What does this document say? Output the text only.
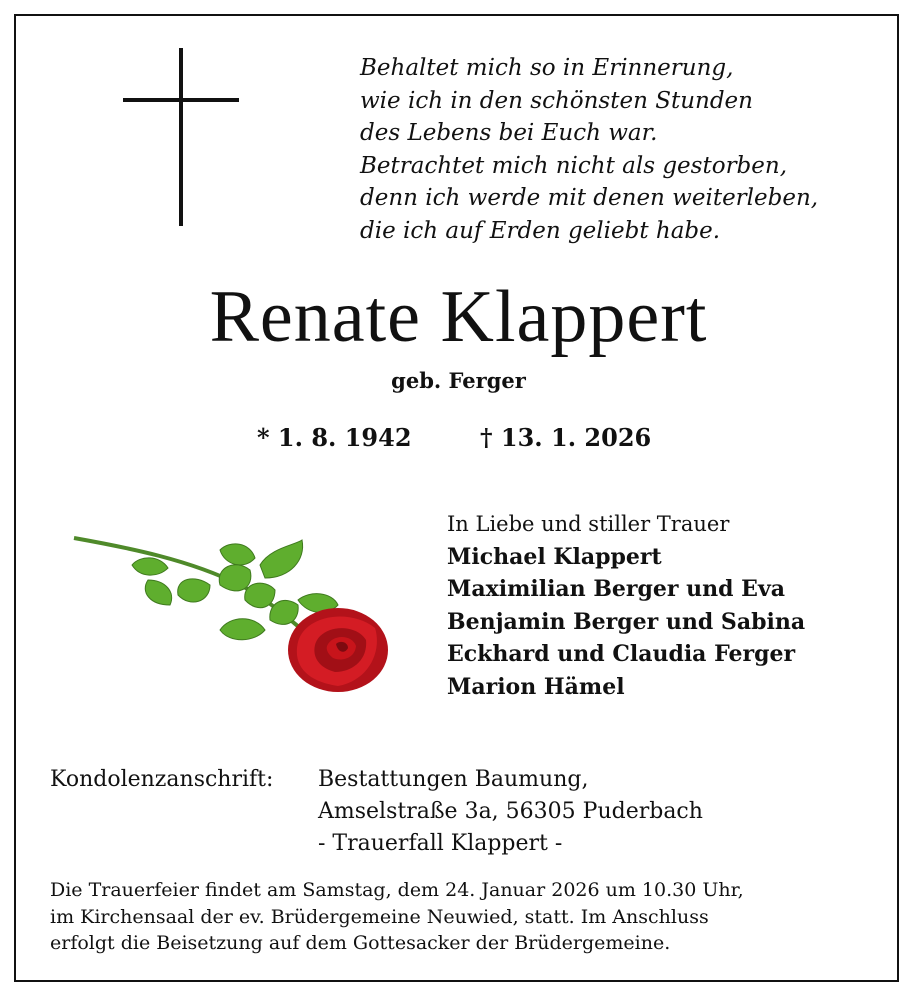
Behaltet mich so in Erinnerung,
wie ich in den schönsten Stunden
des Lebens bei Euch war.
Betrachtet mich nicht als gestorben,
denn ich werde mit denen weiterleben,
die ich auf Erden geliebt habe.
Renate Klappert
geb. Ferger
* 1. 8. 1942	† 13. 1. 2026
In Liebe und stiller Trauer
Michael Klappert
Maximilian Berger und Eva
Benjamin Berger und Sabina
Eckhard und Claudia Ferger
Marion Hämel
Kondolenzanschrift: Bestattungen Baumung,
Amselstraße 3a, 56305 Puderbach
- Trauerfall Klappert -
Die Trauerfeier findet am Samstag, dem 24. Januar 2026 um 10.30 Uhr,
im Kirchensaal der ev. Brüdergemeine Neuwied, statt. Im Anschluss
erfolgt die Beisetzung auf dem Gottesacker der Brüdergemeine.
